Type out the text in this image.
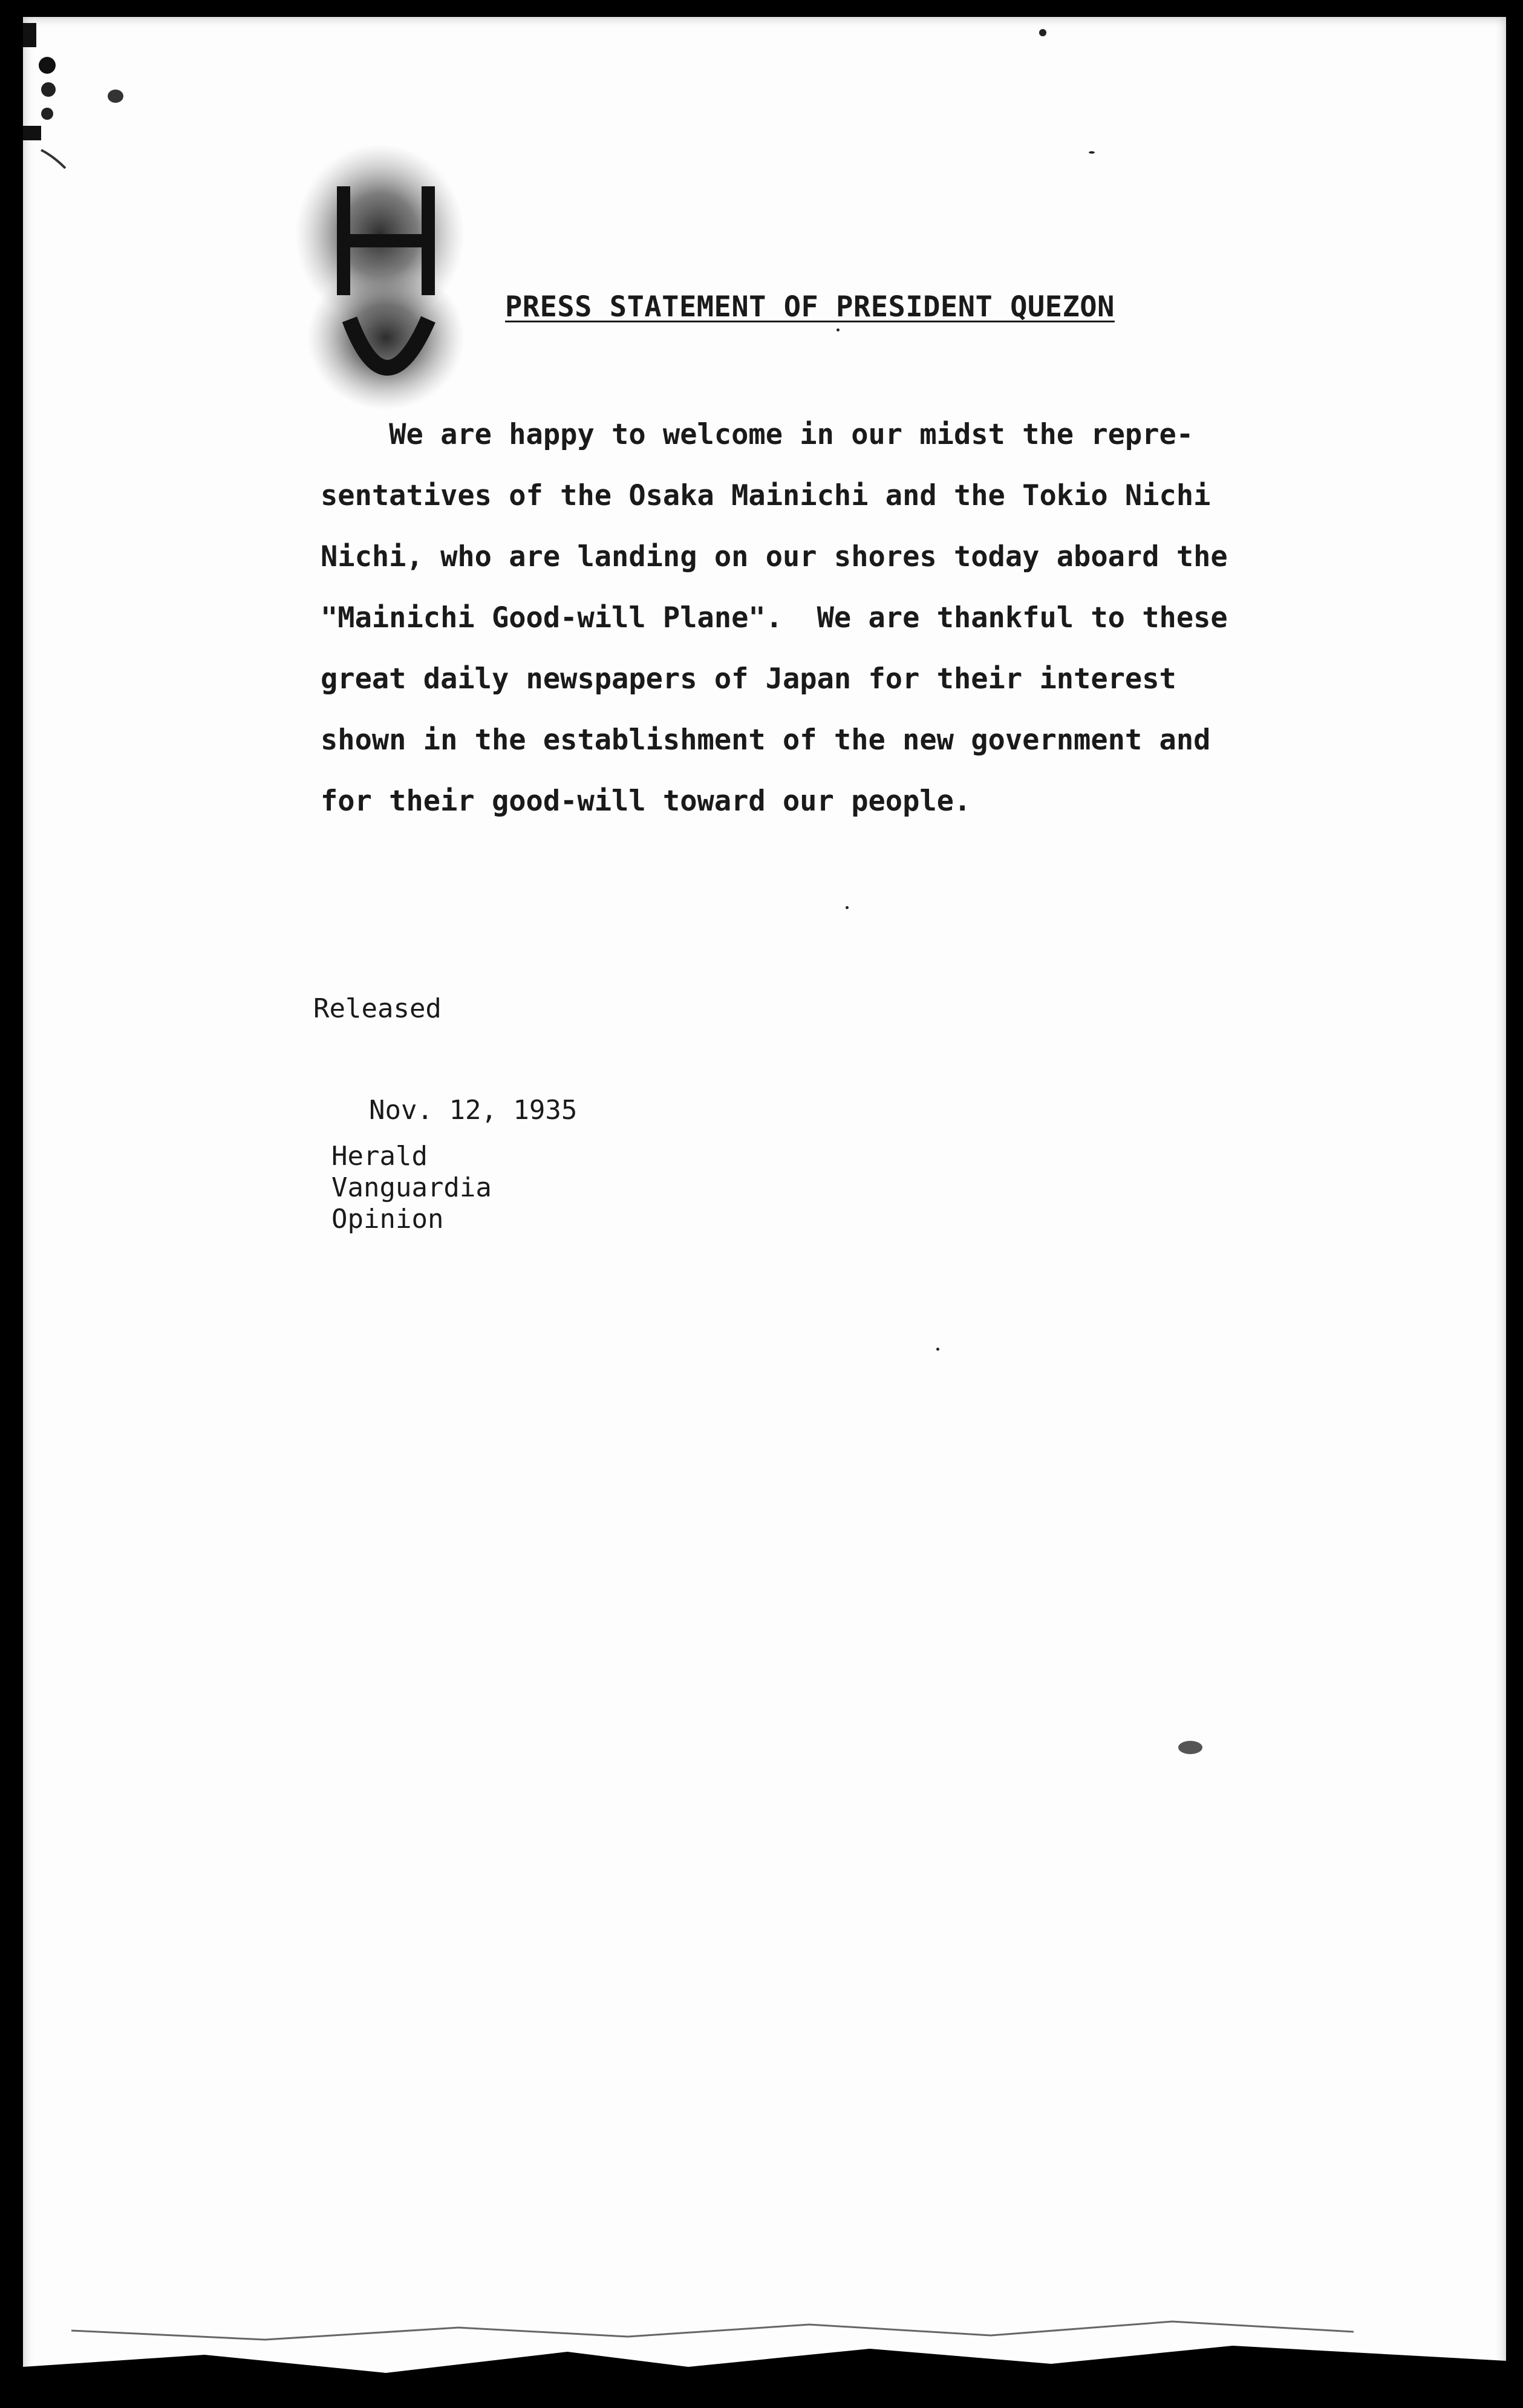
PRESS STATEMENT OF PRESIDENT QUEZON
We are happy to welcome in our midst the repre-
sentatives of the Osaka Mainichi and the Tokio Nichi
Nichi, who are landing on our shores today aboard the
"Mainichi Good-will Plane".  We are thankful to these
great daily newspapers of Japan for their interest
shown in the establishment of the new government and
for their good-will toward our people.

Released

Nov. 12, 1935

Herald
Vanguardia
Opinion
